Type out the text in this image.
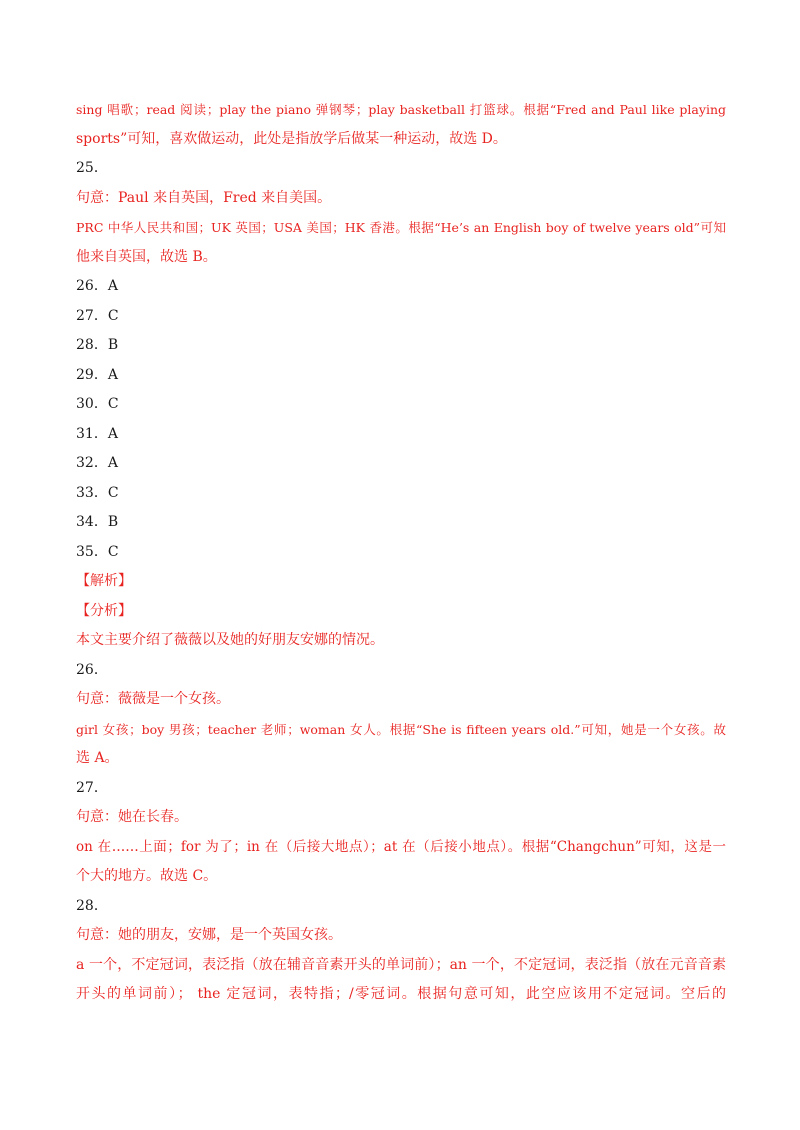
sing 唱歌；read 阅读；play the piano 弹钢琴；play basketball 打篮球。根据“Fred and Paul like playing
sports”可知，喜欢做运动，此处是指放学后做某一种运动，故选 D。
25．
句意：Paul 来自英国，Fred 来自美国。
PRC 中华人民共和国；UK 英国；USA 美国；HK 香港。根据“He’s an English boy of twelve years old”可知
他来自英国，故选 B。
26．A
27．C
28．B
29．A
30．C
31．A
32．A
33．C
34．B
35．C
【解析】
【分析】
本文主要介绍了薇薇以及她的好朋友安娜的情况。
26．
句意：薇薇是一个女孩。
girl 女孩；boy 男孩；teacher 老师；woman 女人。根据“She is fifteen years old.”可知，她是一个女孩。故
选 A。
27．
句意：她在长春。
on 在……上面；for 为了；in 在（后接大地点）；at 在（后接小地点）。根据“Changchun”可知，这是一
个大的地方。故选 C。
28．
句意：她的朋友，安娜，是一个英国女孩。
a 一个，不定冠词，表泛指（放在辅音音素开头的单词前）；an 一个，不定冠词，表泛指（放在元音音素
开头的单词前）； the 定冠词，表特指；/零冠词。根据句意可知，此空应该用不定冠词。空后的
